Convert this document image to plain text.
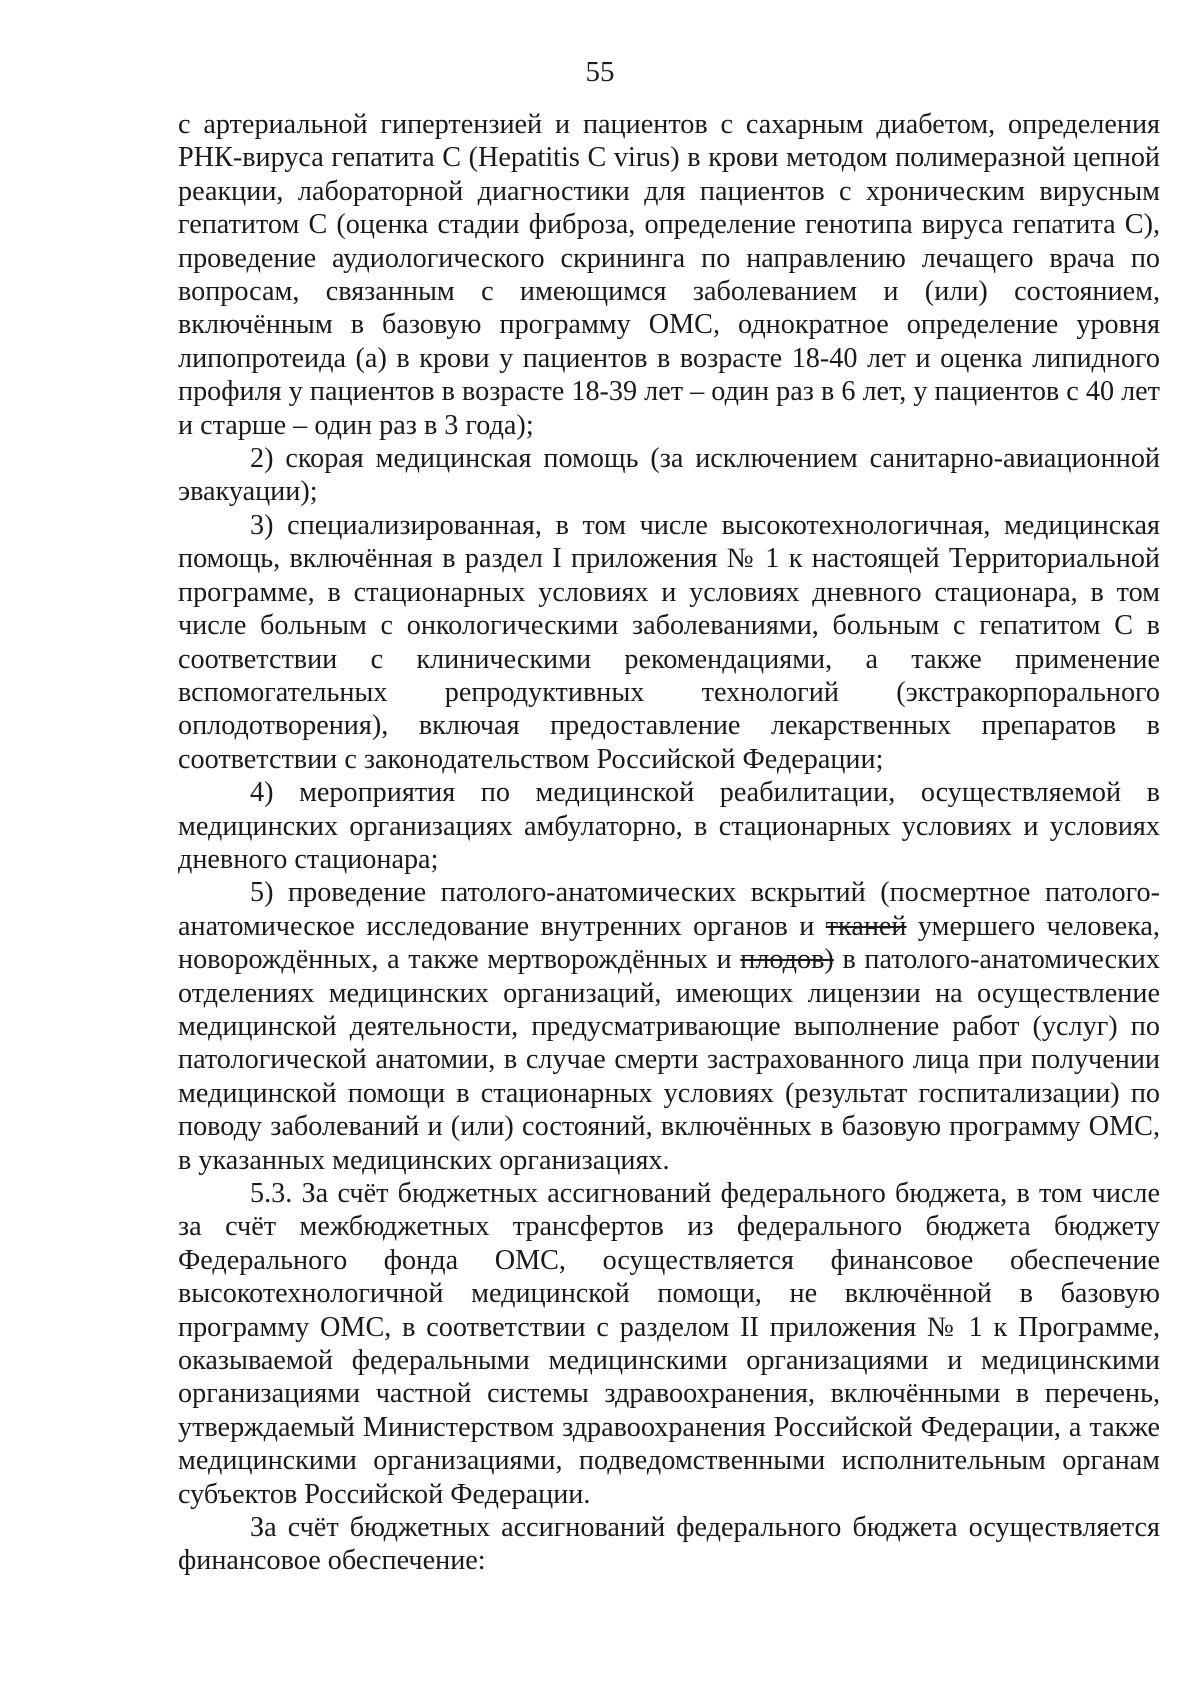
55

с артериальной гипертензией и пациентов с сахарным диабетом, определения РНК-вируса гепатита C (Hepatitis C virus) в крови методом полимеразной цепной реакции, лабораторной диагностики для пациентов с хроническим вирусным гепатитом C (оценка стадии фиброза, определение генотипа вируса гепатита C), проведение аудиологического скрининга по направлению лечащего врача по вопросам, связанным с имеющимся заболеванием и (или) состоянием, включённым в базовую программу ОМС, однократное определение уровня липопротеида (а) в крови у пациентов в возрасте 18-40 лет и оценка липидного профиля у пациентов в возрасте 18-39 лет – один раз в 6 лет, у пациентов с 40 лет и старше – один раз в 3 года);

2) скорая медицинская помощь (за исключением санитарно-авиационной эвакуации);

3) специализированная, в том числе высокотехнологичная, медицинская помощь, включённая в раздел I приложения № 1 к настоящей Территориальной программе, в стационарных условиях и условиях дневного стационара, в том числе больным с онкологическими заболеваниями, больным с гепатитом C в соответствии с клиническими рекомендациями, а также применение вспомогательных репродуктивных технологий (экстракорпорального оплодотворения), включая предоставление лекарственных препаратов в соответствии с законодательством Российской Федерации;

4) мероприятия по медицинской реабилитации, осуществляемой в медицинских организациях амбулаторно, в стационарных условиях и условиях дневного стационара;

5) проведение патолого-анатомических вскрытий (посмертное патолого-анатомическое исследование внутренних органов и тканей умершего человека, новорождённых, а также мертворождённых и плодов) в патолого-анатомических отделениях медицинских организаций, имеющих лицензии на осуществление медицинской деятельности, предусматривающие выполнение работ (услуг) по патологической анатомии, в случае смерти застрахованного лица при получении медицинской помощи в стационарных условиях (результат госпитализации) по поводу заболеваний и (или) состояний, включённых в базовую программу ОМС, в указанных медицинских организациях.

5.3. За счёт бюджетных ассигнований федерального бюджета, в том числе за счёт межбюджетных трансфертов из федерального бюджета бюджету Федерального фонда ОМС, осуществляется финансовое обеспечение высокотехнологичной медицинской помощи, не включённой в базовую программу ОМС, в соответствии с разделом II приложения № 1 к Программе, оказываемой федеральными медицинскими организациями и медицинскими организациями частной системы здравоохранения, включёнными в перечень, утверждаемый Министерством здравоохранения Российской Федерации, а также медицинскими организациями, подведомственными исполнительным органам субъектов Российской Федерации.

За счёт бюджетных ассигнований федерального бюджета осуществляется финансовое обеспечение:
